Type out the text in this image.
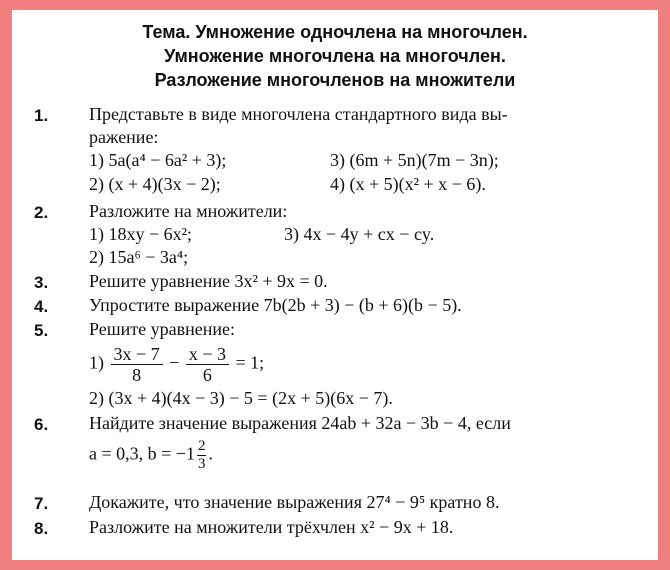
Тема. Умножение одночлена на многочлен.
Умножение многочлена на многочлен.
Разложение многочленов на множители
1. Представьте в виде многочлена стандартного вида вы-
ражение:
1) 5a(a⁴ − 6a² + 3);	3) (6m + 5n)(7m − 3n);
2) (x + 4)(3x − 2);	4) (x + 5)(x² + x − 6).
2. Разложите на множители:
1) 18xy − 6x²;	3) 4x − 4y + cx − cy.
2) 15a⁶ − 3a⁴;
3. Решите уравнение 3x² + 9x = 0.
4. Упростите выражение 7b(2b + 3) − (b + 6)(b − 5).
5. Решите уравнение:
$1) \frac{3x - 7}{8} - \frac{x - 3}{6} = 1$;
2) (3x + 4)(4x − 3) − 5 = (2x + 5)(6x − 7).
6. Найдите значение выражения 24ab + 32a − 3b − 4, если
a = 0,3, $b = -1 \frac{2}{3}$ .
7. Докажите, что значение выражения 27⁴ − 9⁵ кратно 8.
8. Разложите на множители трёхчлен x² − 9x + 18.
